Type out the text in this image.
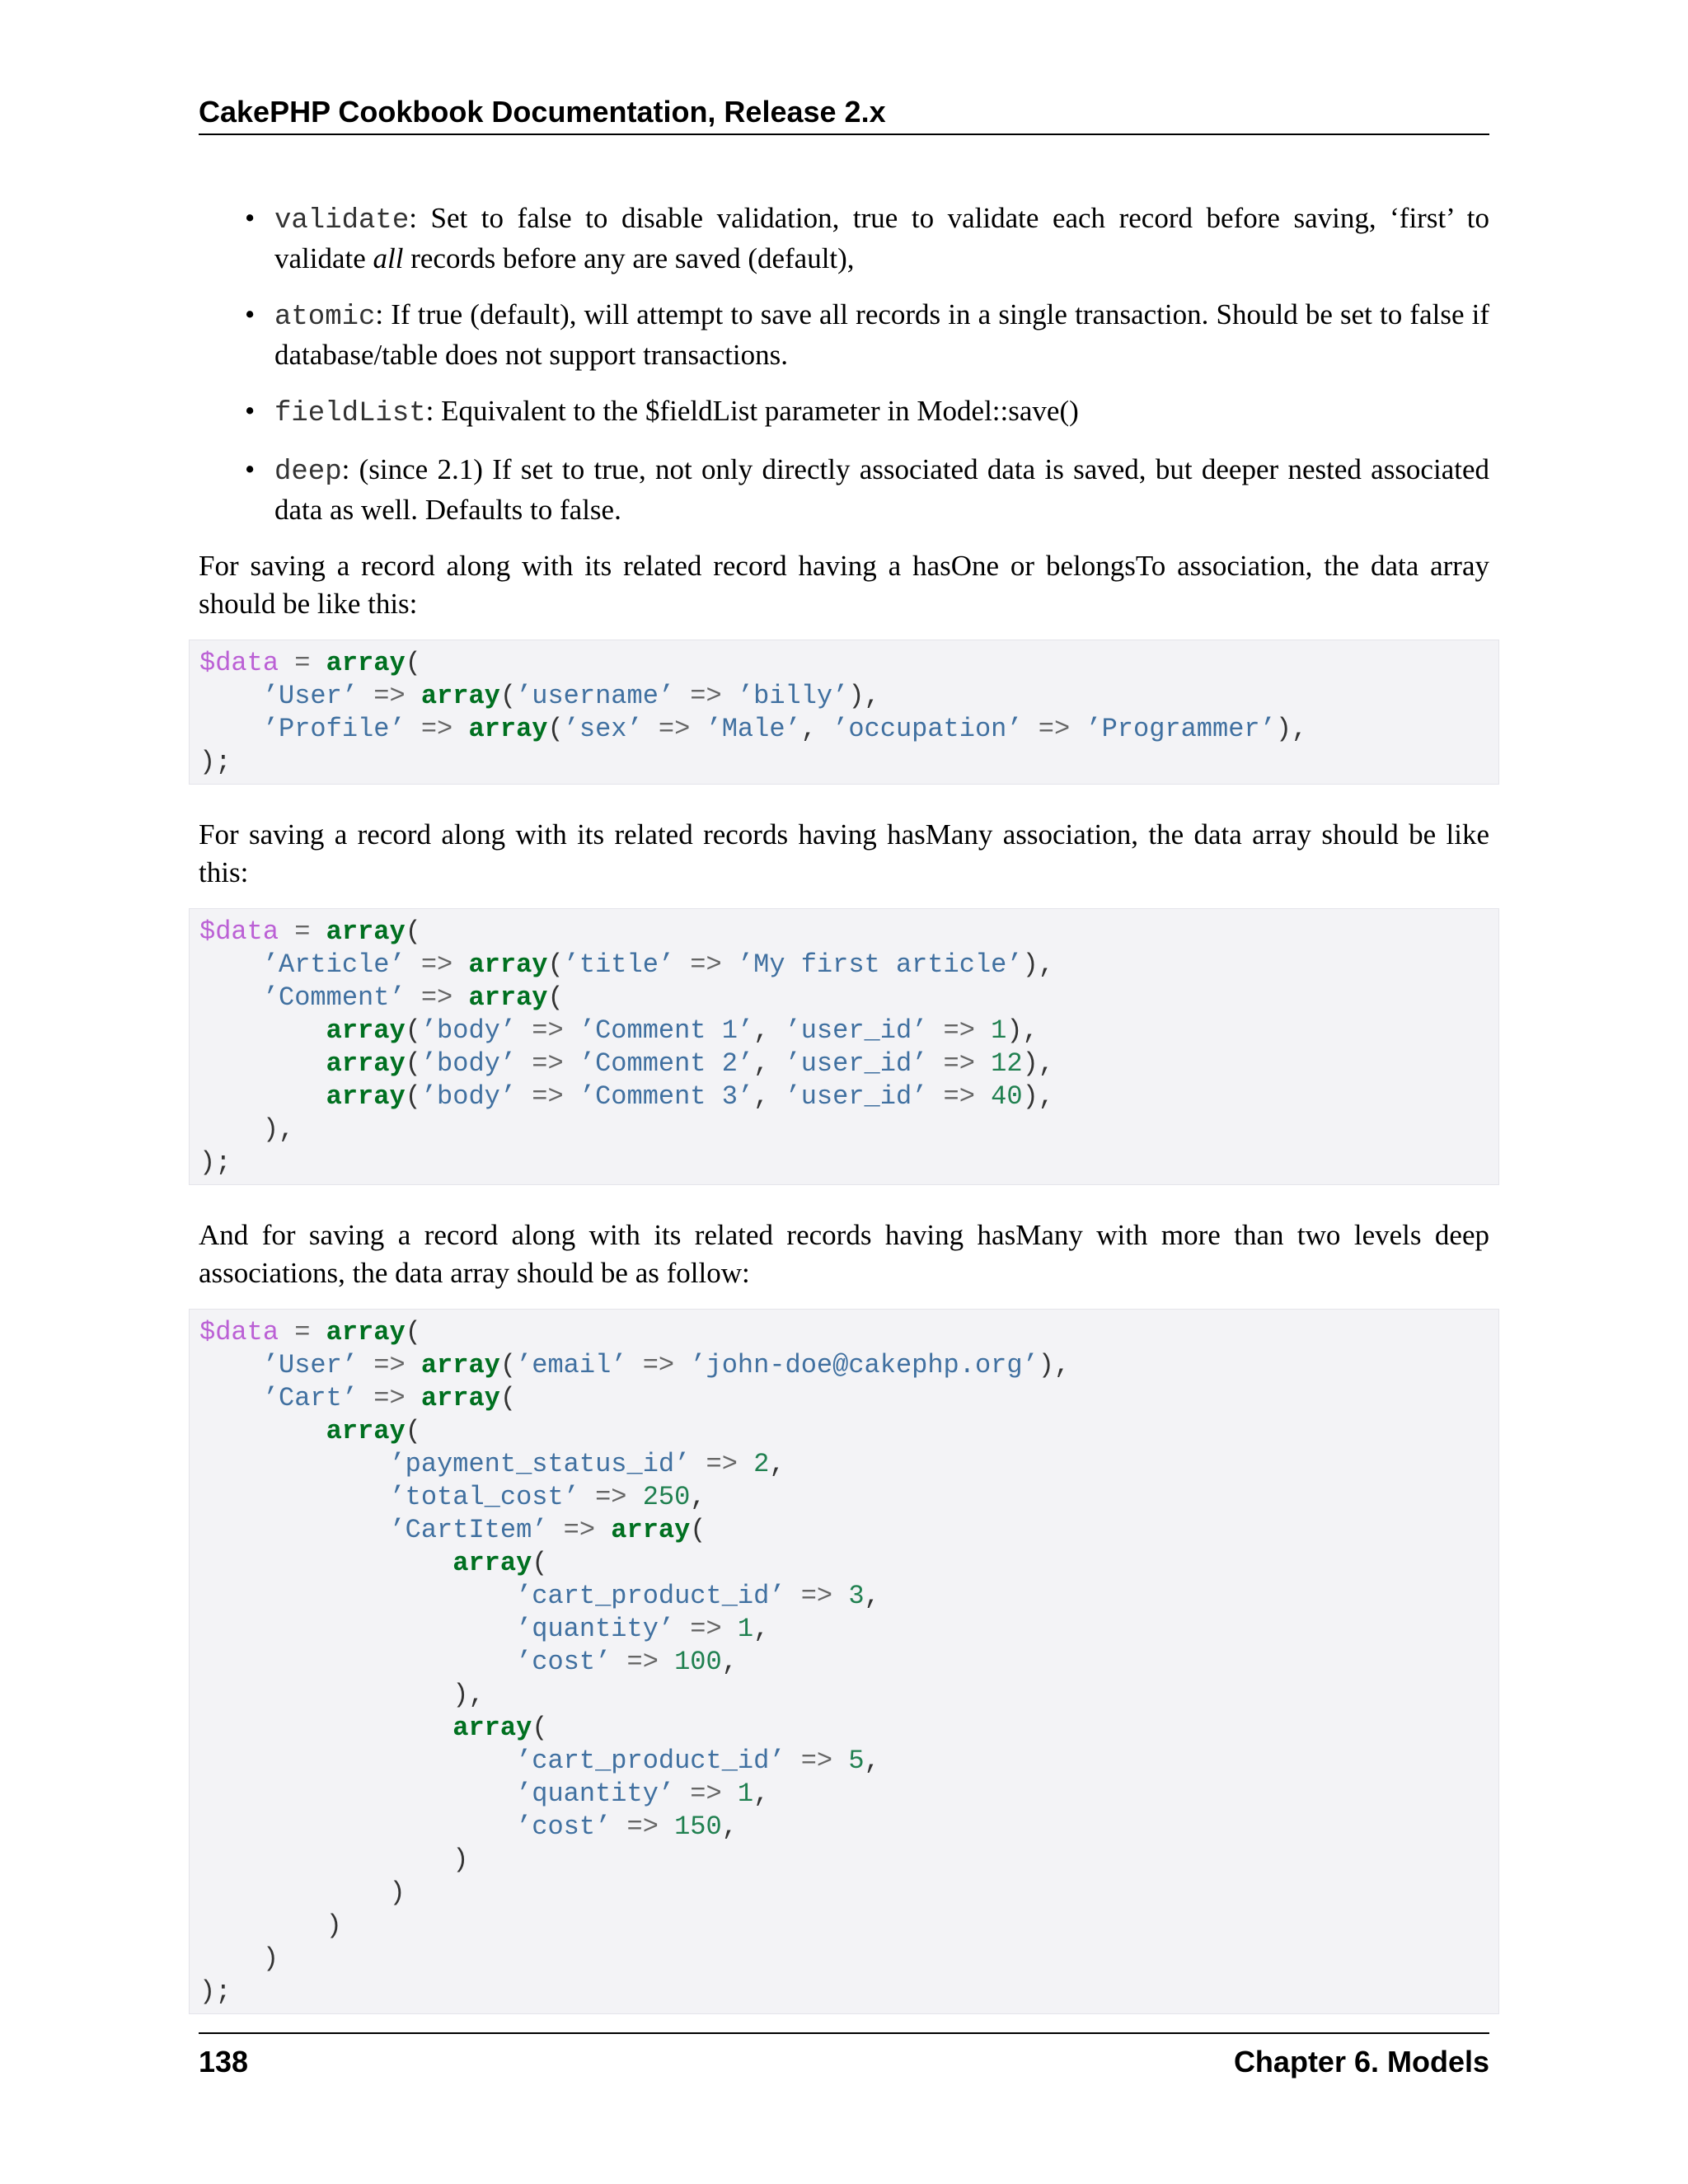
CakePHP Cookbook Documentation, Release 2.x
• validate: Set to false to disable validation, true to validate each record before saving, ‘first’ to validate all records before any are saved (default),
• atomic: If true (default), will attempt to save all records in a single transaction. Should be set to false if database/table does not support transactions.
• fieldList: Equivalent to the $fieldList parameter in Model::save()
• deep: (since 2.1) If set to true, not only directly associated data is saved, but deeper nested associated data as well. Defaults to false.

For saving a record along with its related record having a hasOne or belongsTo association, the data array should be like this:

$data = array(
’User’ => array(’username’ => ’billy’),
’Profile’ => array(’sex’ => ’Male’, ’occupation’ => ’Programmer’),
);

For saving a record along with its related records having hasMany association, the data array should be like this:

$data = array(
’Article’ => array(’title’ => ’My first article’),
’Comment’ => array(
array(’body’ => ’Comment 1’, ’user_id’ => 1),
array(’body’ => ’Comment 2’, ’user_id’ => 12),
array(’body’ => ’Comment 3’, ’user_id’ => 40),
),
);

And for saving a record along with its related records having hasMany with more than two levels deep associations, the data array should be as follow:

$data = array(
’User’ => array(’email’ => ’john-doe@cakephp.org’),
’Cart’ => array(
array(
’payment_status_id’ => 2,
’total_cost’ => 250,
’CartItem’ => array(
array(
’cart_product_id’ => 3,
’quantity’ => 1,
’cost’ => 100,
),
array(
’cart_product_id’ => 5,
’quantity’ => 1,
’cost’ => 150,
)
)
)
)
);
138	Chapter 6. Models
